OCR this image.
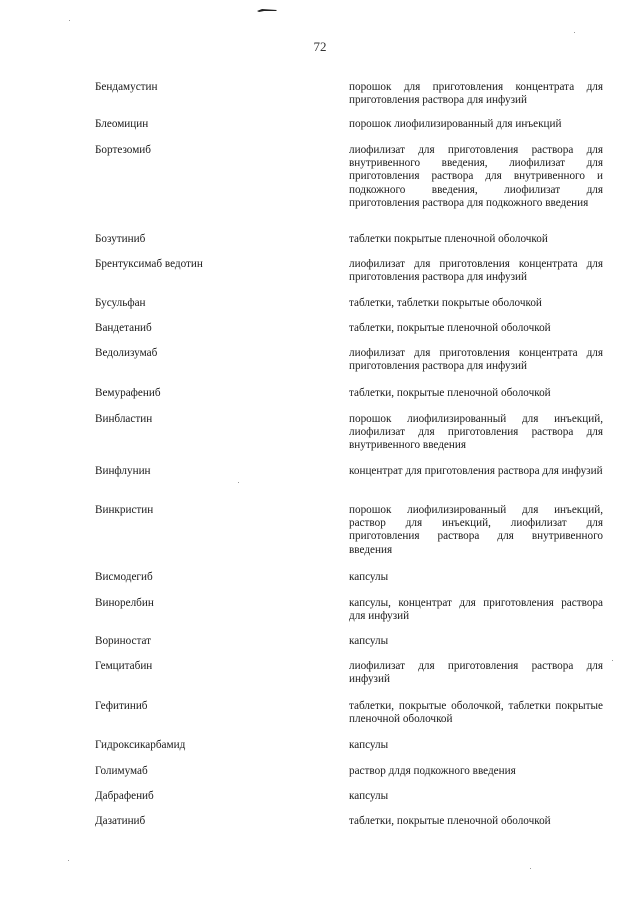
72
Бендамустин	порошок для приготовления концентрата для приготовления раствора для инфузий
Блеомицин	порошок лиофилизированный для инъекций
Бортезомиб	лиофилизат для приготовления раствора для внутривенного введения, лиофилизат для приготовления раствора для внутривенного и подкожного введения, лиофилизат для приготовления раствора для подкожного введения
Бозутиниб	таблетки покрытые пленочной оболочкой
Брентуксимаб ведотин	лиофилизат для приготовления концентрата для приготовления раствора для инфузий
Бусульфан	таблетки, таблетки покрытые оболочкой
Вандетаниб	таблетки, покрытые пленочной оболочкой
Ведолизумаб	лиофилизат для приготовления концентрата для приготовления раствора для инфузий
Вемурафениб	таблетки, покрытые пленочной оболочкой
Винбластин	порошок лиофилизированный для инъекций, лиофилизат для приготовления раствора для внутривенного введения
Винфлунин	концентрат для приготовления раствора для инфузий
Винкристин	порошок лиофилизированный для инъекций, раствор для инъекций, лиофилизат для приготовления раствора для внутривенного введения
Висмодегиб	капсулы
Винорелбин	капсулы, концентрат для приготовления раствора для инфузий
Вориностат	капсулы
Гемцитабин	лиофилизат для приготовления раствора для инфузий
Гефитиниб	таблетки, покрытые оболочкой, таблетки покрытые пленочной оболочкой
Гидроксикарбамид	капсулы
Голимумаб	раствор длдя подкожного введения
Дабрафениб	капсулы
Дазатиниб	таблетки, покрытые пленочной оболочкой
